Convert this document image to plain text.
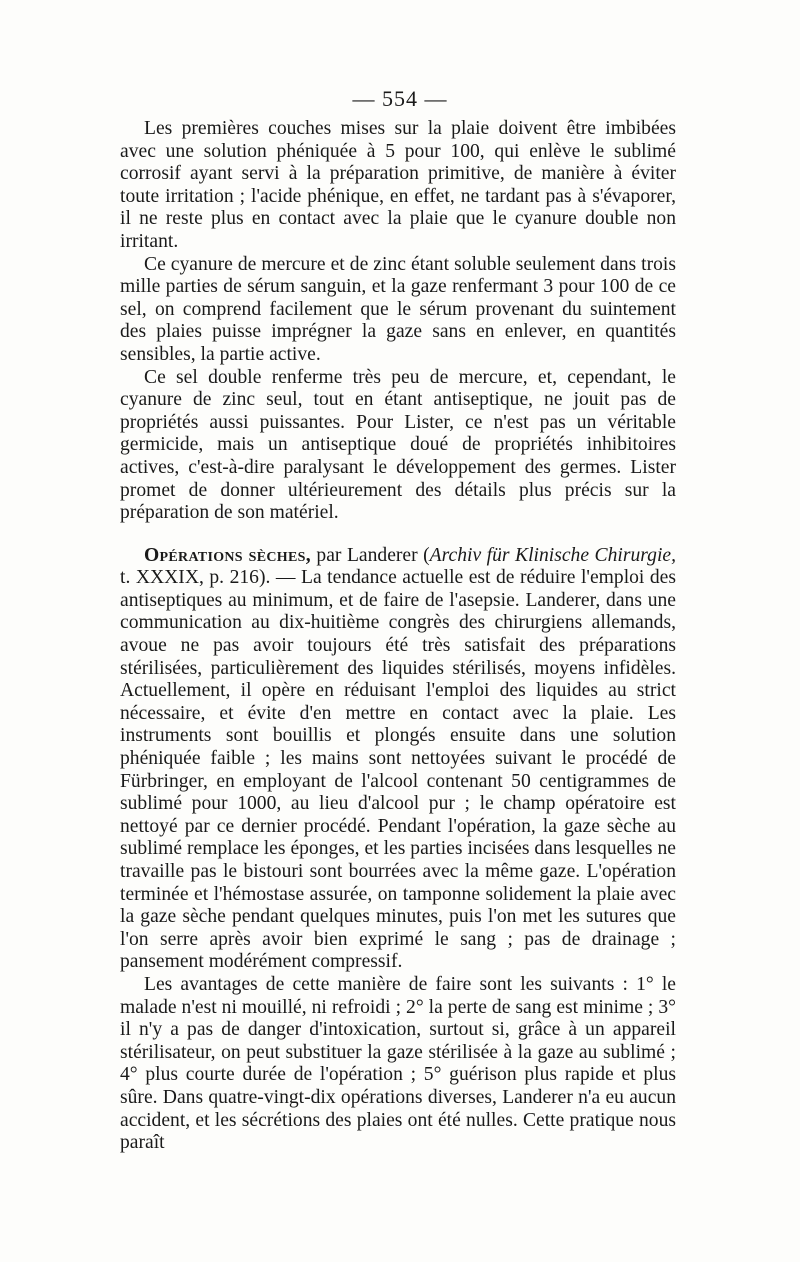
— 554 —

Les premières couches mises sur la plaie doivent être imbibées avec une solution phéniquée à 5 pour 100, qui enlève le sublimé corrosif ayant servi à la préparation primitive, de manière à éviter toute irritation ; l'acide phénique, en effet, ne tardant pas à s'évaporer, il ne reste plus en contact avec la plaie que le cyanure double non irritant.

Ce cyanure de mercure et de zinc étant soluble seulement dans trois mille parties de sérum sanguin, et la gaze renfermant 3 pour 100 de ce sel, on comprend facilement que le sérum provenant du suintement des plaies puisse imprégner la gaze sans en enlever, en quantités sensibles, la partie active.

Ce sel double renferme très peu de mercure, et, cependant, le cyanure de zinc seul, tout en étant antiseptique, ne jouit pas de propriétés aussi puissantes. Pour Lister, ce n'est pas un véritable germicide, mais un antiseptique doué de propriétés inhibitoires actives, c'est-à-dire paralysant le développement des germes. Lister promet de donner ultérieurement des détails plus précis sur la préparation de son matériel.

Opérations sèches, par Landerer (Archiv für Klinische Chirurgie, t. XXXIX, p. 216). — La tendance actuelle est de réduire l'emploi des antiseptiques au minimum, et de faire de l'asepsie. Landerer, dans une communication au dix-huitième congrès des chirurgiens allemands, avoue ne pas avoir toujours été très satisfait des préparations stérilisées, particulièrement des liquides stérilisés, moyens infidèles. Actuellement, il opère en réduisant l'emploi des liquides au strict nécessaire, et évite d'en mettre en contact avec la plaie. Les instruments sont bouillis et plongés ensuite dans une solution phéniquée faible ; les mains sont nettoyées suivant le procédé de Fürbringer, en employant de l'alcool contenant 50 centigrammes de sublimé pour 1000, au lieu d'alcool pur ; le champ opératoire est nettoyé par ce dernier procédé. Pendant l'opération, la gaze sèche au sublimé remplace les éponges, et les parties incisées dans lesquelles ne travaille pas le bistouri sont bourrées avec la même gaze. L'opération terminée et l'hémostase assurée, on tamponne solidement la plaie avec la gaze sèche pendant quelques minutes, puis l'on met les sutures que l'on serre après avoir bien exprimé le sang ; pas de drainage ; pansement modérément compressif.

Les avantages de cette manière de faire sont les suivants : 1° le malade n'est ni mouillé, ni refroidi ; 2° la perte de sang est minime ; 3° il n'y a pas de danger d'intoxication, surtout si, grâce à un appareil stérilisateur, on peut substituer la gaze stérilisée à la gaze au sublimé ; 4° plus courte durée de l'opération ; 5° guérison plus rapide et plus sûre. Dans quatre-vingt-dix opérations diverses, Landerer n'a eu aucun accident, et les sécrétions des plaies ont été nulles. Cette pratique nous paraît
